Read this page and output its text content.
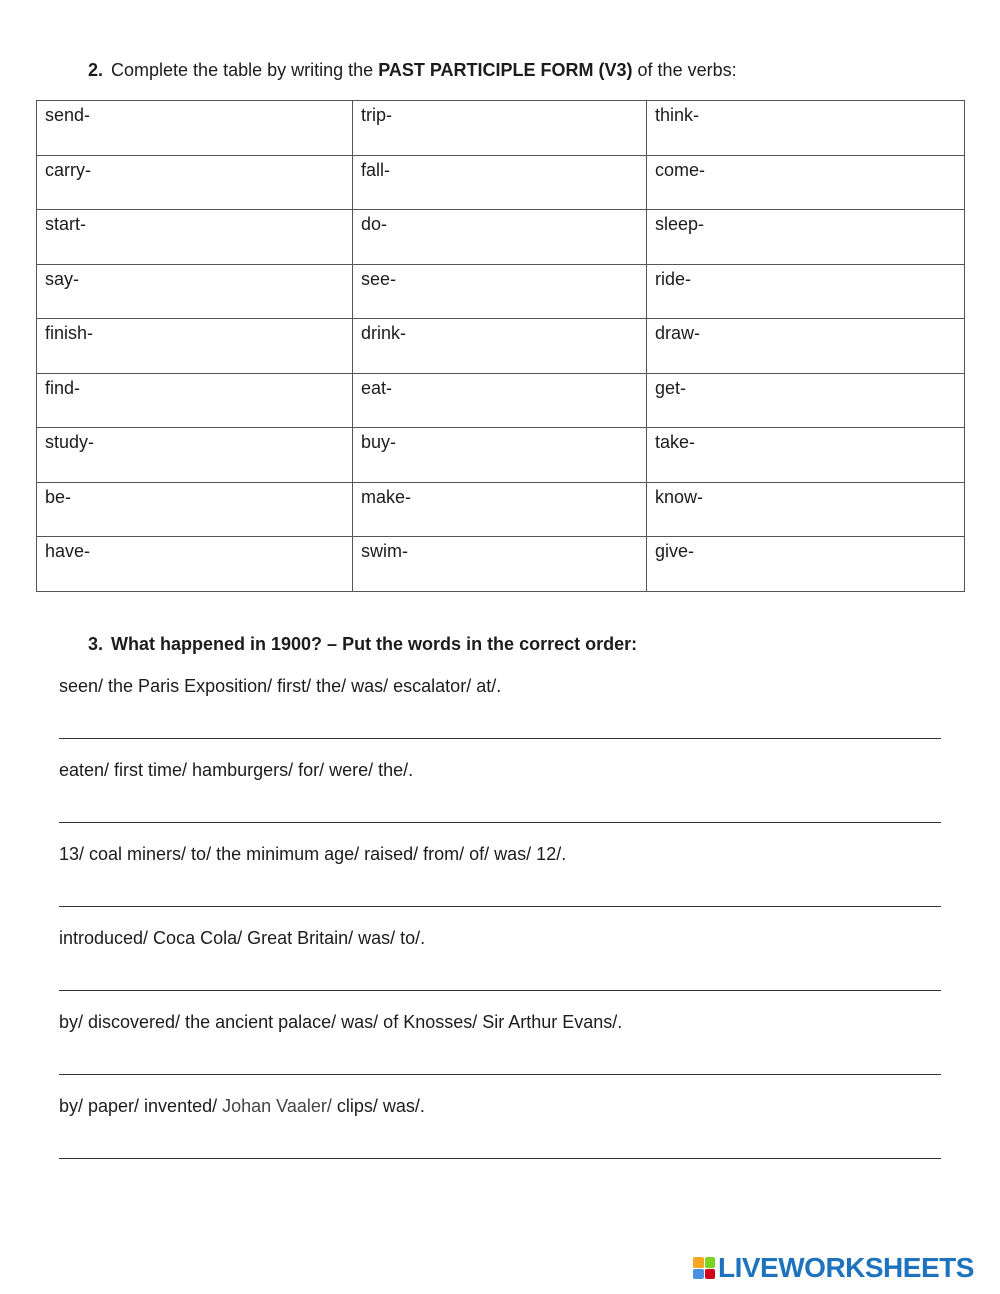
2. Complete the table by writing the PAST PARTICIPLE FORM (V3) of the verbs:
send-	trip-	think-
carry-	fall-	come-
start-	do-	sleep-
say-	see-	ride-
finish-	drink-	draw-
find-	eat-	get-
study-	buy-	take-
be-	make-	know-
have-	swim-	give-
3. What happened in 1900? – Put the words in the correct order:
seen/ the Paris Exposition/ first/ the/ was/ escalator/ at/.
eaten/ first time/ hamburgers/ for/ were/ the/.
13/ coal miners/ to/ the minimum age/ raised/ from/ of/ was/ 12/.
introduced/ Coca Cola/ Great Britain/ was/ to/.
by/ discovered/ the ancient palace/ was/ of Knosses/ Sir Arthur Evans/.
by/ paper/ invented/ Johan Vaaler/ clips/ was/.
LIVEWORKSHEETS
